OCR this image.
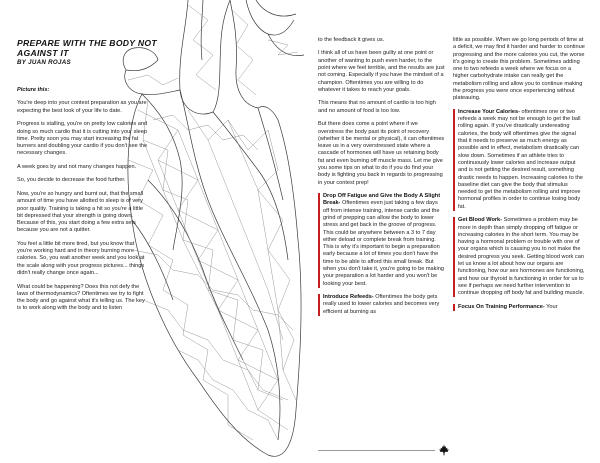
PREPARE WITH THE BODY NOT AGAINST IT
BY JUAN ROJAS

Picture this:

You're deep into your contest preparation as you are expecting the best look of your life to date.

Progress is stalling, you're on pretty low calories and doing so much cardio that it is cutting into your sleep time. Pretty soon you may start increasing the fat burners and doubling your cardio if you don't see the necessary changes.

A week goes by and not many changes happen.

So, you decide to decrease the food further.

Now, you're so hungry and burnt out, that the small amount of time you have allotted to sleep is of very poor quality. Training is taking a hit so you're a little bit depressed that your strength is going down. Because of this, you start doing a few extra sets because you are not a quitter.

You feel a little bit more tired, but you know that you're working hard and in theory burning more calories. So, you wait another week and you look at the scale along with your progress pictures... things didn't really change once again...

What could be happening? Does this not defy the laws of thermodynamics? Oftentimes we try to fight the body and go against what it's telling us. The key is to work along with the body and to listen

to the feedback it gives us.

I think all of us have been guilty at one point or another of wanting to push even harder, to the point where we feel terrible, and the results are just not coming. Especially if you have the mindset of a champion. Oftentimes you are willing to do whatever it takes to reach your goals.

This means that no amount of cardio is too high and no amount of food is too low.

But there does come a point where if we overstress the body past its point of recovery (whether it be mental or physical), it can oftentimes leave us in a very overstressed state where a cascade of hormones will have us retaining body fat and even burning off muscle mass. Let me give you some tips on what to do if you do find your body is fighting you back in regards to progressing in your contest prep!

Drop Off Fatigue and Give the Body A Slight Break- Oftentimes even just taking a few days off from intense training, intense cardio and the grind of prepping can allow the body to lower stress and get back in the groove of progress. This could be anywhere between a 3 to 7 day either deload or complete break from training. This is why it's important to begin a preparation early because a lot of times you don't have the time to be able to afford this small break. But when you don't take it, you're going to be making your preparation a lot harder and you won't be looking your best.

Introduce Refeeds- Oftentimes the body gets really used to lower calories and becomes very efficient at burning as

little as possible. When we go long periods of time at a deficit, we may find it harder and harder to continue progressing and the more calories you cut, the worse it's going to create this problem. Sometimes adding one to two refeeds a week where we focus on a higher carbohydrate intake can really get the metabolism rolling and allow you to continue making the progress you were once experiencing without plateauing.

Increase Your Calories- oftentimes one or two refeeds a week may not be enough to get the ball rolling again. If you've drastically undereating calories, the body will oftentimes give the signal that it needs to preserve as much energy as possible and in effect, metabolism drastically can slow down. Sometimes if an athlete tries to continuously lower calories and increase output and is not getting the desired result, something drastic needs to happen. Increasing calories to the baseline diet can give the body that stimulus needed to get the metabolism rolling and improve hormonal profiles in order to continue losing body fat.

Get Blood Work- Sometimes a problem may be more in depth than simply dropping off fatigue or increasing calories in the short term. You may be having a hormonal problem or trouble with one of your organs which is causing you to not make the desired progress you seek. Getting blood work can let us know a lot about how our organs are functioning, how our sex hormones are functioning, and how our thyroid is functioning in order for us to see if perhaps we need further intervention to continue dropping off body fat and building muscle.

Focus On Training Performance- Your
